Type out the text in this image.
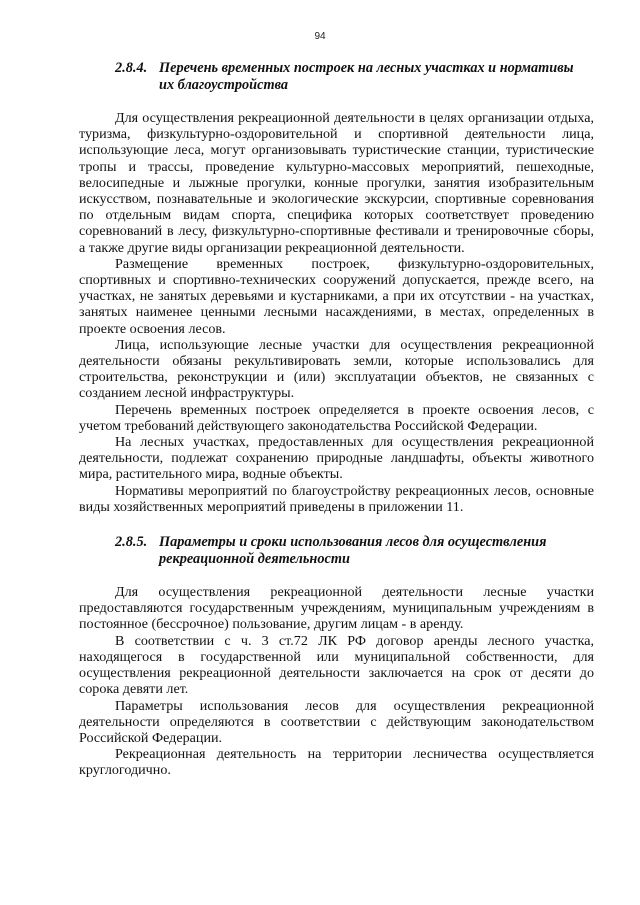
94
2.8.4. Перечень временных построек на лесных участках и нормативы
их благоустройства

Для осуществления рекреационной деятельности в целях организации отдыха, туризма, физкультурно-оздоровительной и спортивной деятельности лица, использующие леса, могут организовывать туристические станции, туристические тропы и трассы, проведение культурно-массовых мероприятий, пешеходные, велосипедные и лыжные прогулки, конные прогулки, занятия изобразительным искусством, познавательные и экологические экскурсии, спортивные соревнования по отдельным видам спорта, специфика которых соответствует проведению соревнований в лесу, физкультурно-спортивные фестивали и тренировочные сборы, а также другие виды организации рекреационной деятельности.

Размещение временных построек, физкультурно-оздоровительных, спортивных и спортивно-технических сооружений допускается, прежде всего, на участках, не занятых деревьями и кустарниками, а при их отсутствии - на участках, занятых наименее ценными лесными насаждениями, в местах, определенных в проекте освоения лесов.

Лица, использующие лесные участки для осуществления рекреационной деятельности обязаны рекультивировать земли, которые использовались для строительства, реконструкции и (или) эксплуатации объектов, не связанных с созданием лесной инфраструктуры.

Перечень временных построек определяется в проекте освоения лесов, с учетом требований действующего законодательства Российской Федерации.

На лесных участках, предоставленных для осуществления рекреационной деятельности, подлежат сохранению природные ландшафты, объекты животного мира, растительного мира, водные объекты.

Нормативы мероприятий по благоустройству рекреационных лесов, основные виды хозяйственных мероприятий приведены в приложении 11.

2.8.5. Параметры и сроки использования лесов для осуществления
рекреационной деятельности

Для осуществления рекреационной деятельности лесные участки предоставляются государственным учреждениям, муниципальным учреждениям в постоянное (бессрочное) пользование, другим лицам - в аренду.

В соответствии с ч. 3 ст.72 ЛК РФ договор аренды лесного участка, находящегося в государственной или муниципальной собственности, для осуществления рекреационной деятельности заключается на срок от десяти до сорока девяти лет.

Параметры использования лесов для осуществления рекреационной деятельности определяются в соответствии с действующим законодательством Российской Федерации.

Рекреационная деятельность на территории лесничества осуществляется круглогодично.
